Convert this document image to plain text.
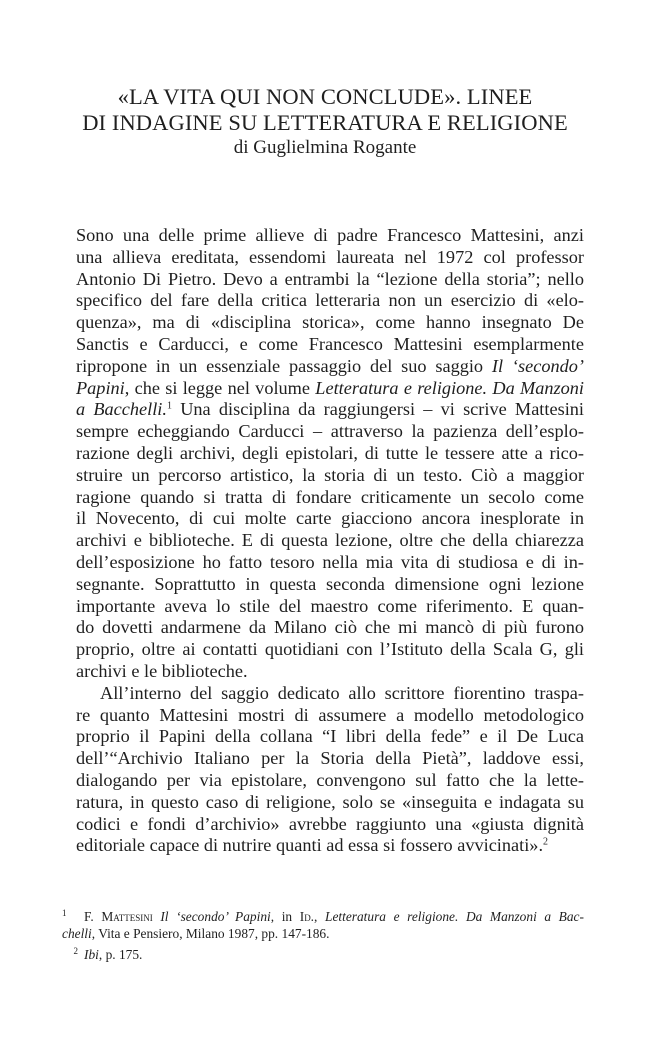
«LA VITA QUI NON CONCLUDE». LINEE
DI INDAGINE SU LETTERATURA E RELIGIONE
di Guglielmina Rogante

Sono una delle prime allieve di padre Francesco Mattesini, anzi
una allieva ereditata, essendomi laureata nel 1972 col professor
Antonio Di Pietro. Devo a entrambi la “lezione della storia”; nello
specifico del fare della critica letteraria non un esercizio di «elo-
quenza», ma di «disciplina storica», come hanno insegnato De
Sanctis e Carducci, e come Francesco Mattesini esemplarmente
ripropone in un essenziale passaggio del suo saggio Il ‘secondo’
Papini, che si legge nel volume Letteratura e religione. Da Manzoni
a Bacchelli.$^1$ Una disciplina da raggiungersi – vi scrive Mattesini
sempre echeggiando Carducci – attraverso la pazienza dell’esplo-
razione degli archivi, degli epistolari, di tutte le tessere atte a rico-
struire un percorso artistico, la storia di un testo. Ciò a maggior
ragione quando si tratta di fondare criticamente un secolo come
il Novecento, di cui molte carte giacciono ancora inesplorate in
archivi e biblioteche. E di questa lezione, oltre che della chiarezza
dell’esposizione ho fatto tesoro nella mia vita di studiosa e di in-
segnante. Soprattutto in questa seconda dimensione ogni lezione
importante aveva lo stile del maestro come riferimento. E quan-
do dovetti andarmene da Milano ciò che mi mancò di più furono
proprio, oltre ai contatti quotidiani con l’Istituto della Scala G, gli
archivi e le biblioteche.

All’interno del saggio dedicato allo scrittore fiorentino traspa-
re quanto Mattesini mostri di assumere a modello metodologico
proprio il Papini della collana “I libri della fede” e il De Luca
dell’“Archivio Italiano per la Storia della Pietà”, laddove essi,
dialogando per via epistolare, convengono sul fatto che la lette-
ratura, in questo caso di religione, solo se «inseguita e indagata su
codici e fondi d’archivio» avrebbe raggiunto una «giusta dignità
editoriale capace di nutrire quanti ad essa si fossero avvicinati».$^2$

$^1$ F. Mattesini Il ‘secondo’ Papini, in Id., Letteratura e religione. Da Manzoni a Bac-
chelli, Vita e Pensiero, Milano 1987, pp. 147-186.
$^2$ Ibi, p. 175.
